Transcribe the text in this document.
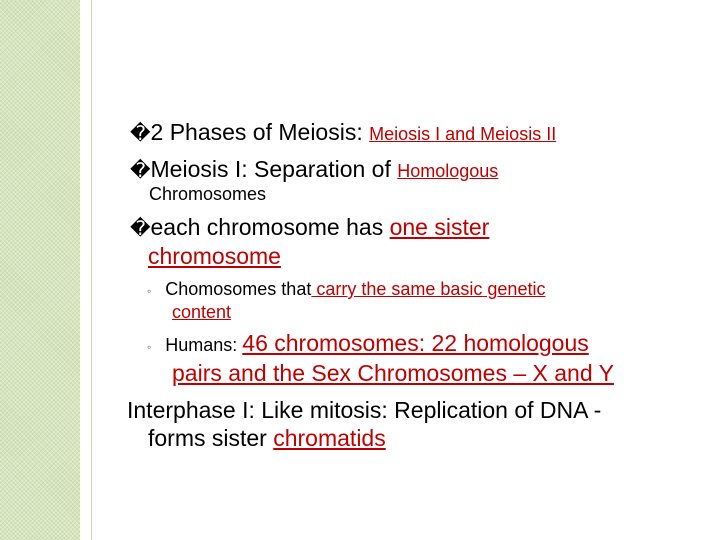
�2 Phases of Meiosis: Meiosis I and Meiosis II
�Meiosis I: Separation of Homologous
Chromosomes
�each chromosome has one sister
chromosome
◦ Chomosomes that carry the same basic genetic
content
◦ Humans: 46 chromosomes: 22 homologous
pairs and the Sex Chromosomes – X and Y
Interphase I: Like mitosis: Replication of DNA -
forms sister chromatids
